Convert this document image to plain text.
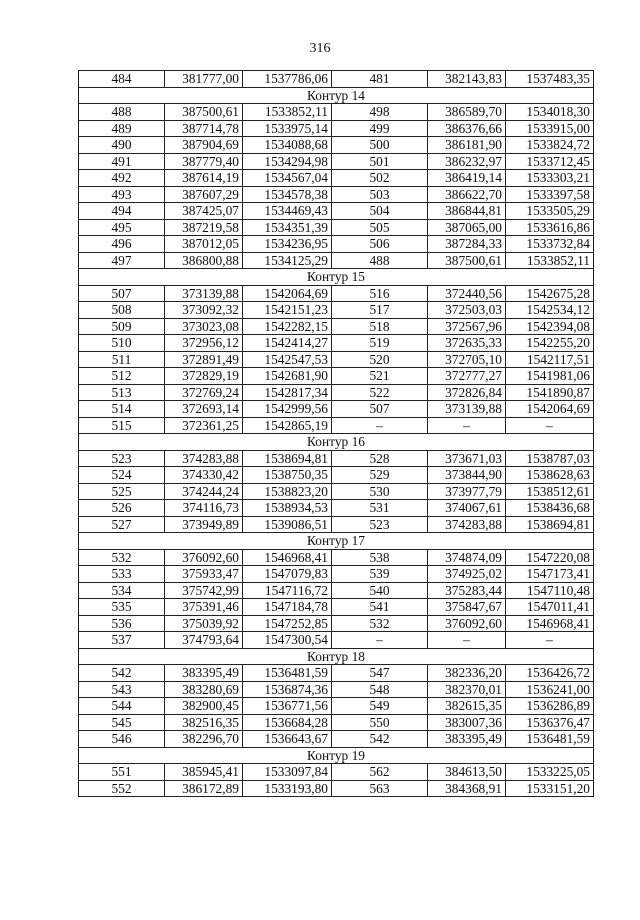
316
484	381777,00	1537786,06	481	382143,83	1537483,35
Контур 14					
488	387500,61	1533852,11	498	386589,70	1534018,30
489	387714,78	1533975,14	499	386376,66	1533915,00
490	387904,69	1534088,68	500	386181,90	1533824,72
491	387779,40	1534294,98	501	386232,97	1533712,45
492	387614,19	1534567,04	502	386419,14	1533303,21
493	387607,29	1534578,38	503	386622,70	1533397,58
494	387425,07	1534469,43	504	386844,81	1533505,29
495	387219,58	1534351,39	505	387065,00	1533616,86
496	387012,05	1534236,95	506	387284,33	1533732,84
497	386800,88	1534125,29	488	387500,61	1533852,11
Контур 15					
507	373139,88	1542064,69	516	372440,56	1542675,28
508	373092,32	1542151,23	517	372503,03	1542534,12
509	373023,08	1542282,15	518	372567,96	1542394,08
510	372956,12	1542414,27	519	372635,33	1542255,20
511	372891,49	1542547,53	520	372705,10	1542117,51
512	372829,19	1542681,90	521	372777,27	1541981,06
513	372769,24	1542817,34	522	372826,84	1541890,87
514	372693,14	1542999,56	507	373139,88	1542064,69
515	372361,25	1542865,19	–	–	–
Контур 16					
523	374283,88	1538694,81	528	373671,03	1538787,03
524	374330,42	1538750,35	529	373844,90	1538628,63
525	374244,24	1538823,20	530	373977,79	1538512,61
526	374116,73	1538934,53	531	374067,61	1538436,68
527	373949,89	1539086,51	523	374283,88	1538694,81
Контур 17					
532	376092,60	1546968,41	538	374874,09	1547220,08
533	375933,47	1547079,83	539	374925,02	1547173,41
534	375742,99	1547116,72	540	375283,44	1547110,48
535	375391,46	1547184,78	541	375847,67	1547011,41
536	375039,92	1547252,85	532	376092,60	1546968,41
537	374793,64	1547300,54	–	–	–
Контур 18					
542	383395,49	1536481,59	547	382336,20	1536426,72
543	383280,69	1536874,36	548	382370,01	1536241,00
544	382900,45	1536771,56	549	382615,35	1536286,89
545	382516,35	1536684,28	550	383007,36	1536376,47
546	382296,70	1536643,67	542	383395,49	1536481,59
Контур 19					
551	385945,41	1533097,84	562	384613,50	1533225,05
552	386172,89	1533193,80	563	384368,91	1533151,20
